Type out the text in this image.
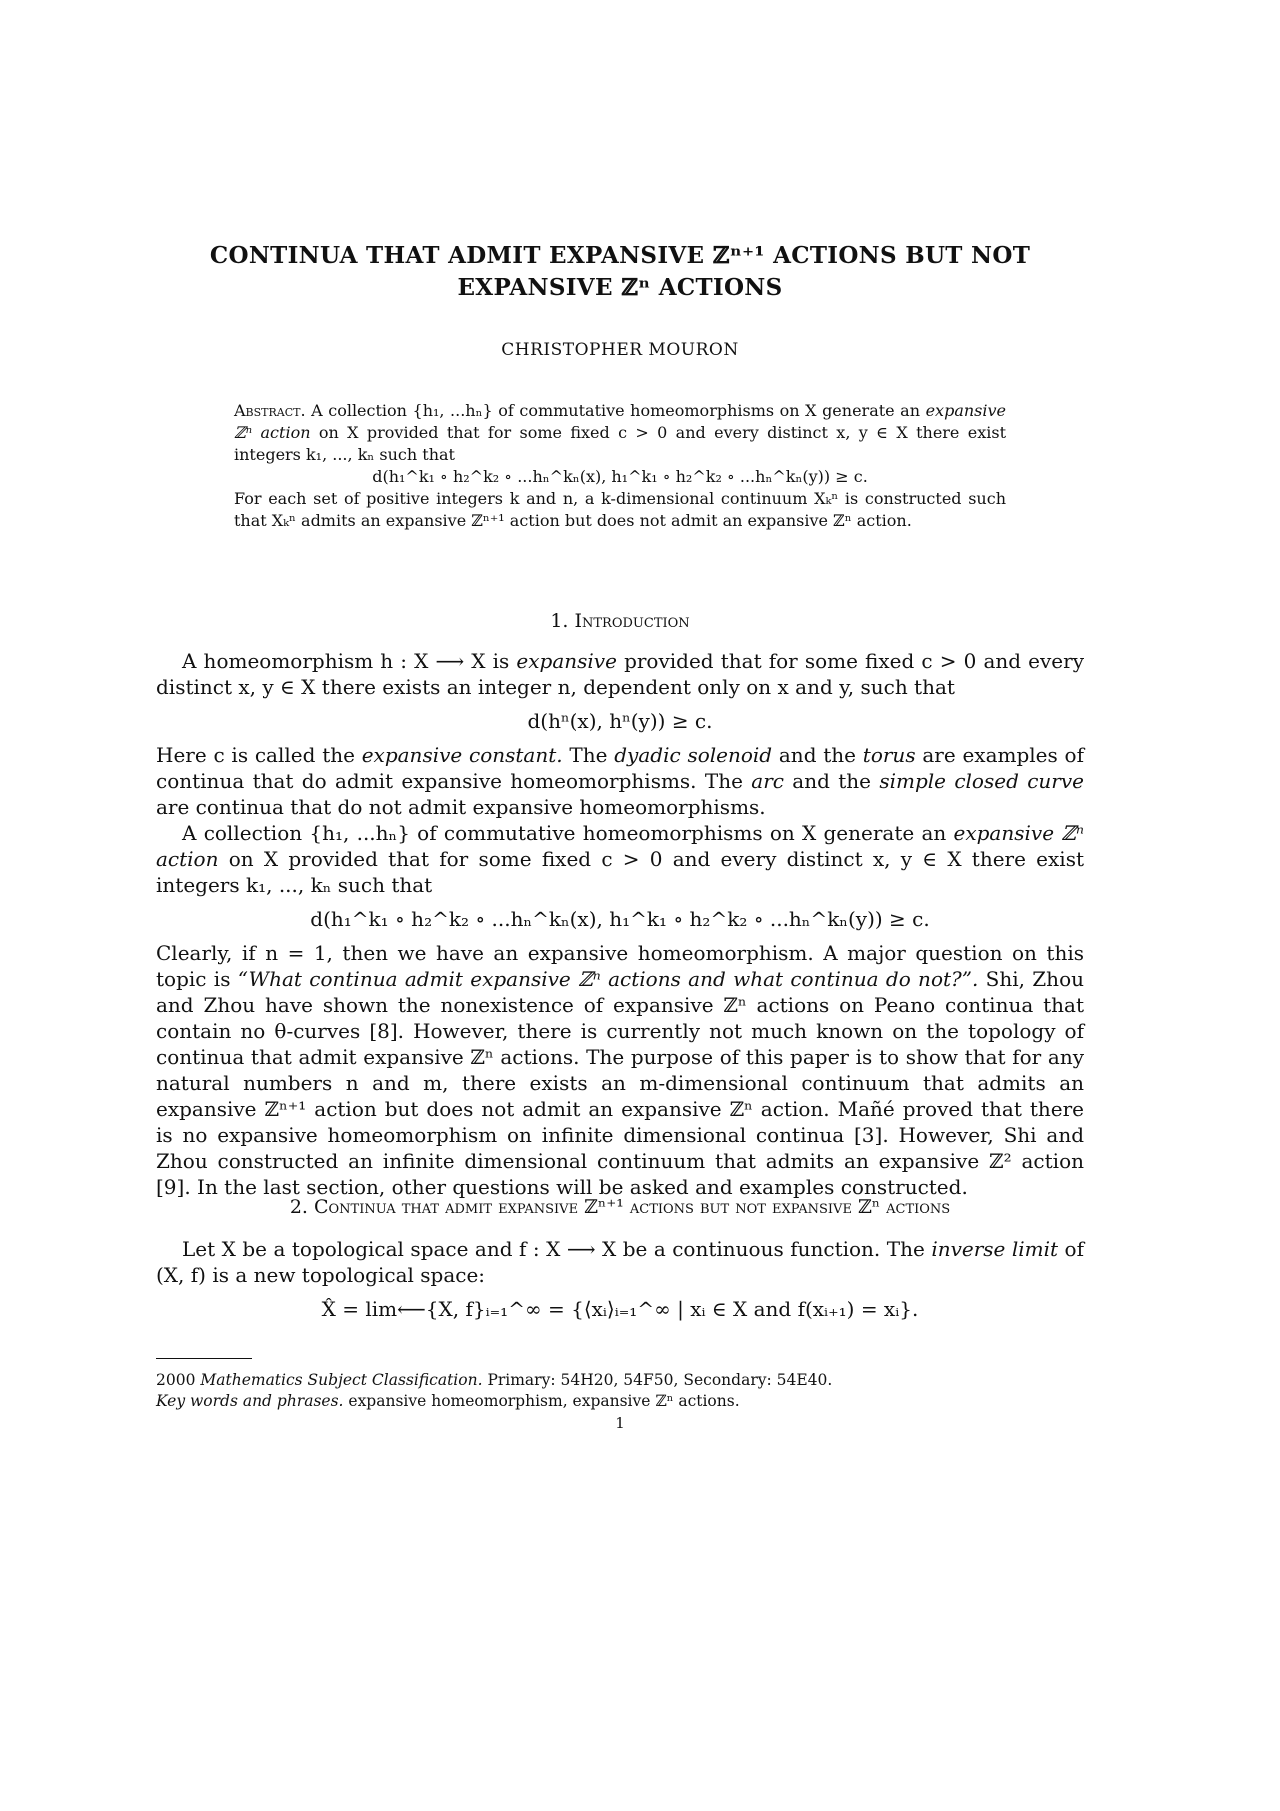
CONTINUA THAT ADMIT EXPANSIVE ℤⁿ⁺¹ ACTIONS BUT NOT
EXPANSIVE ℤⁿ ACTIONS
CHRISTOPHER MOURON

Abstract. A collection {h₁, ...hₙ} of commutative homeomorphisms on X generate an expansive ℤⁿ action on X provided that for some fixed c > 0 and every distinct x, y ∈ X there exist integers k₁, ..., kₙ such that

d(h₁^k₁ ∘ h₂^k₂ ∘ ...hₙ^kₙ(x), h₁^k₁ ∘ h₂^k₂ ∘ ...hₙ^kₙ(y)) ≥ c.

For each set of positive integers k and n, a k-dimensional continuum Xₖⁿ is constructed such that Xₖⁿ admits an expansive ℤⁿ⁺¹ action but does not admit an expansive ℤⁿ action.

1. Introduction

A homeomorphism h : X ⟶ X is expansive provided that for some fixed c > 0 and every distinct x, y ∈ X there exists an integer n, dependent only on x and y, such that

d(hⁿ(x), hⁿ(y)) ≥ c.

Here c is called the expansive constant. The dyadic solenoid and the torus are examples of continua that do admit expansive homeomorphisms. The arc and the simple closed curve are continua that do not admit expansive homeomorphisms.

A collection {h₁, ...hₙ} of commutative homeomorphisms on X generate an expansive ℤⁿ action on X provided that for some fixed c > 0 and every distinct x, y ∈ X there exist integers k₁, ..., kₙ such that

d(h₁^k₁ ∘ h₂^k₂ ∘ ...hₙ^kₙ(x), h₁^k₁ ∘ h₂^k₂ ∘ ...hₙ^kₙ(y)) ≥ c.

Clearly, if n = 1, then we have an expansive homeomorphism. A major question on this topic is “What continua admit expansive ℤⁿ actions and what continua do not?”. Shi, Zhou and Zhou have shown the nonexistence of expansive ℤⁿ actions on Peano continua that contain no θ-curves [8]. However, there is currently not much known on the topology of continua that admit expansive ℤⁿ actions. The purpose of this paper is to show that for any natural numbers n and m, there exists an m-dimensional continuum that admits an expansive ℤⁿ⁺¹ action but does not admit an expansive ℤⁿ action. Mañé proved that there is no expansive homeomorphism on infinite dimensional continua [3]. However, Shi and Zhou constructed an infinite dimensional continuum that admits an expansive ℤ² action [9]. In the last section, other questions will be asked and examples constructed.

2. Continua that admit expansive ℤⁿ⁺¹ actions but not expansive ℤⁿ actions

Let X be a topological space and f : X ⟶ X be a continuous function. The inverse limit of (X, f) is a new topological space:

X̂ = lim⟵{X, f}ᵢ₌₁^∞ = {⟨xᵢ⟩ᵢ₌₁^∞ | xᵢ ∈ X and f(xᵢ₊₁) = xᵢ}.

2000 Mathematics Subject Classification. Primary: 54H20, 54F50, Secondary: 54E40.

Key words and phrases. expansive homeomorphism, expansive ℤⁿ actions.

1
